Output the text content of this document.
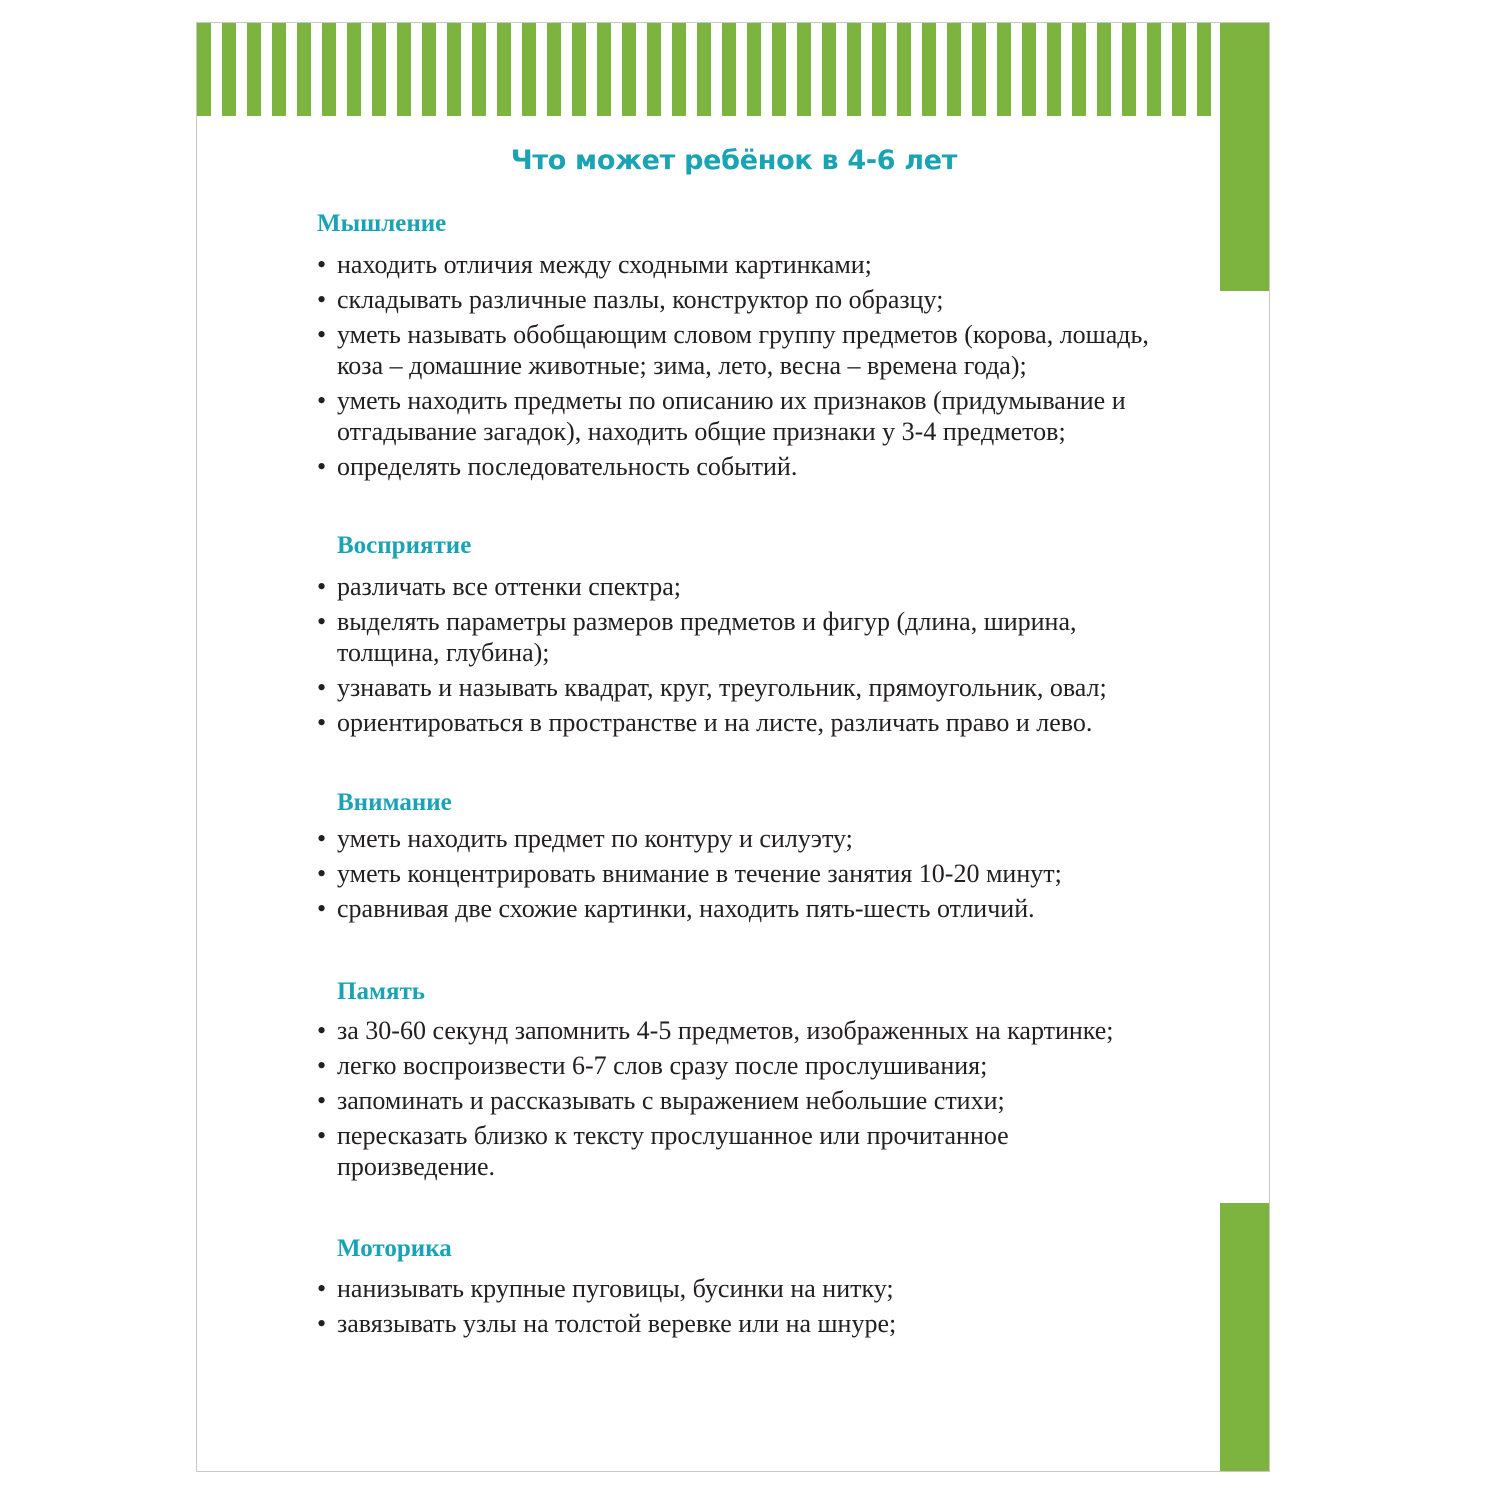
Что может ребёнок в 4-6 лет
Мышление
• находить отличия между сходными картинками;
• складывать различные пазлы, конструктор по образцу;
• уметь называть обобщающим словом группу предметов (корова, лошадь, коза – домашние животные; зима, лето, весна – времена года);
• уметь находить предметы по описанию их признаков (придумывание и отгадывание загадок), находить общие признаки у 3-4 предметов;
• определять последовательность событий.
Восприятие
• различать все оттенки спектра;
• выделять параметры размеров предметов и фигур (длина, ширина, толщина, глубина);
• узнавать и называть квадрат, круг, треугольник, прямоугольник, овал;
• ориентироваться в пространстве и на листе, различать право и лево.
Внимание
• уметь находить предмет по контуру и силуэту;
• уметь концентрировать внимание в течение занятия 10-20 минут;
• сравнивая две схожие картинки, находить пять-шесть отличий.
Память
• за 30-60 секунд запомнить 4-5 предметов, изображенных на картинке;
• легко воспроизвести 6-7 слов сразу после прослушивания;
• запоминать и рассказывать с выражением небольшие стихи;
• пересказать близко к тексту прослушанное или прочитанное произведение.
Моторика
• нанизывать крупные пуговицы, бусинки на нитку;
• завязывать узлы на толстой веревке или на шнуре;
